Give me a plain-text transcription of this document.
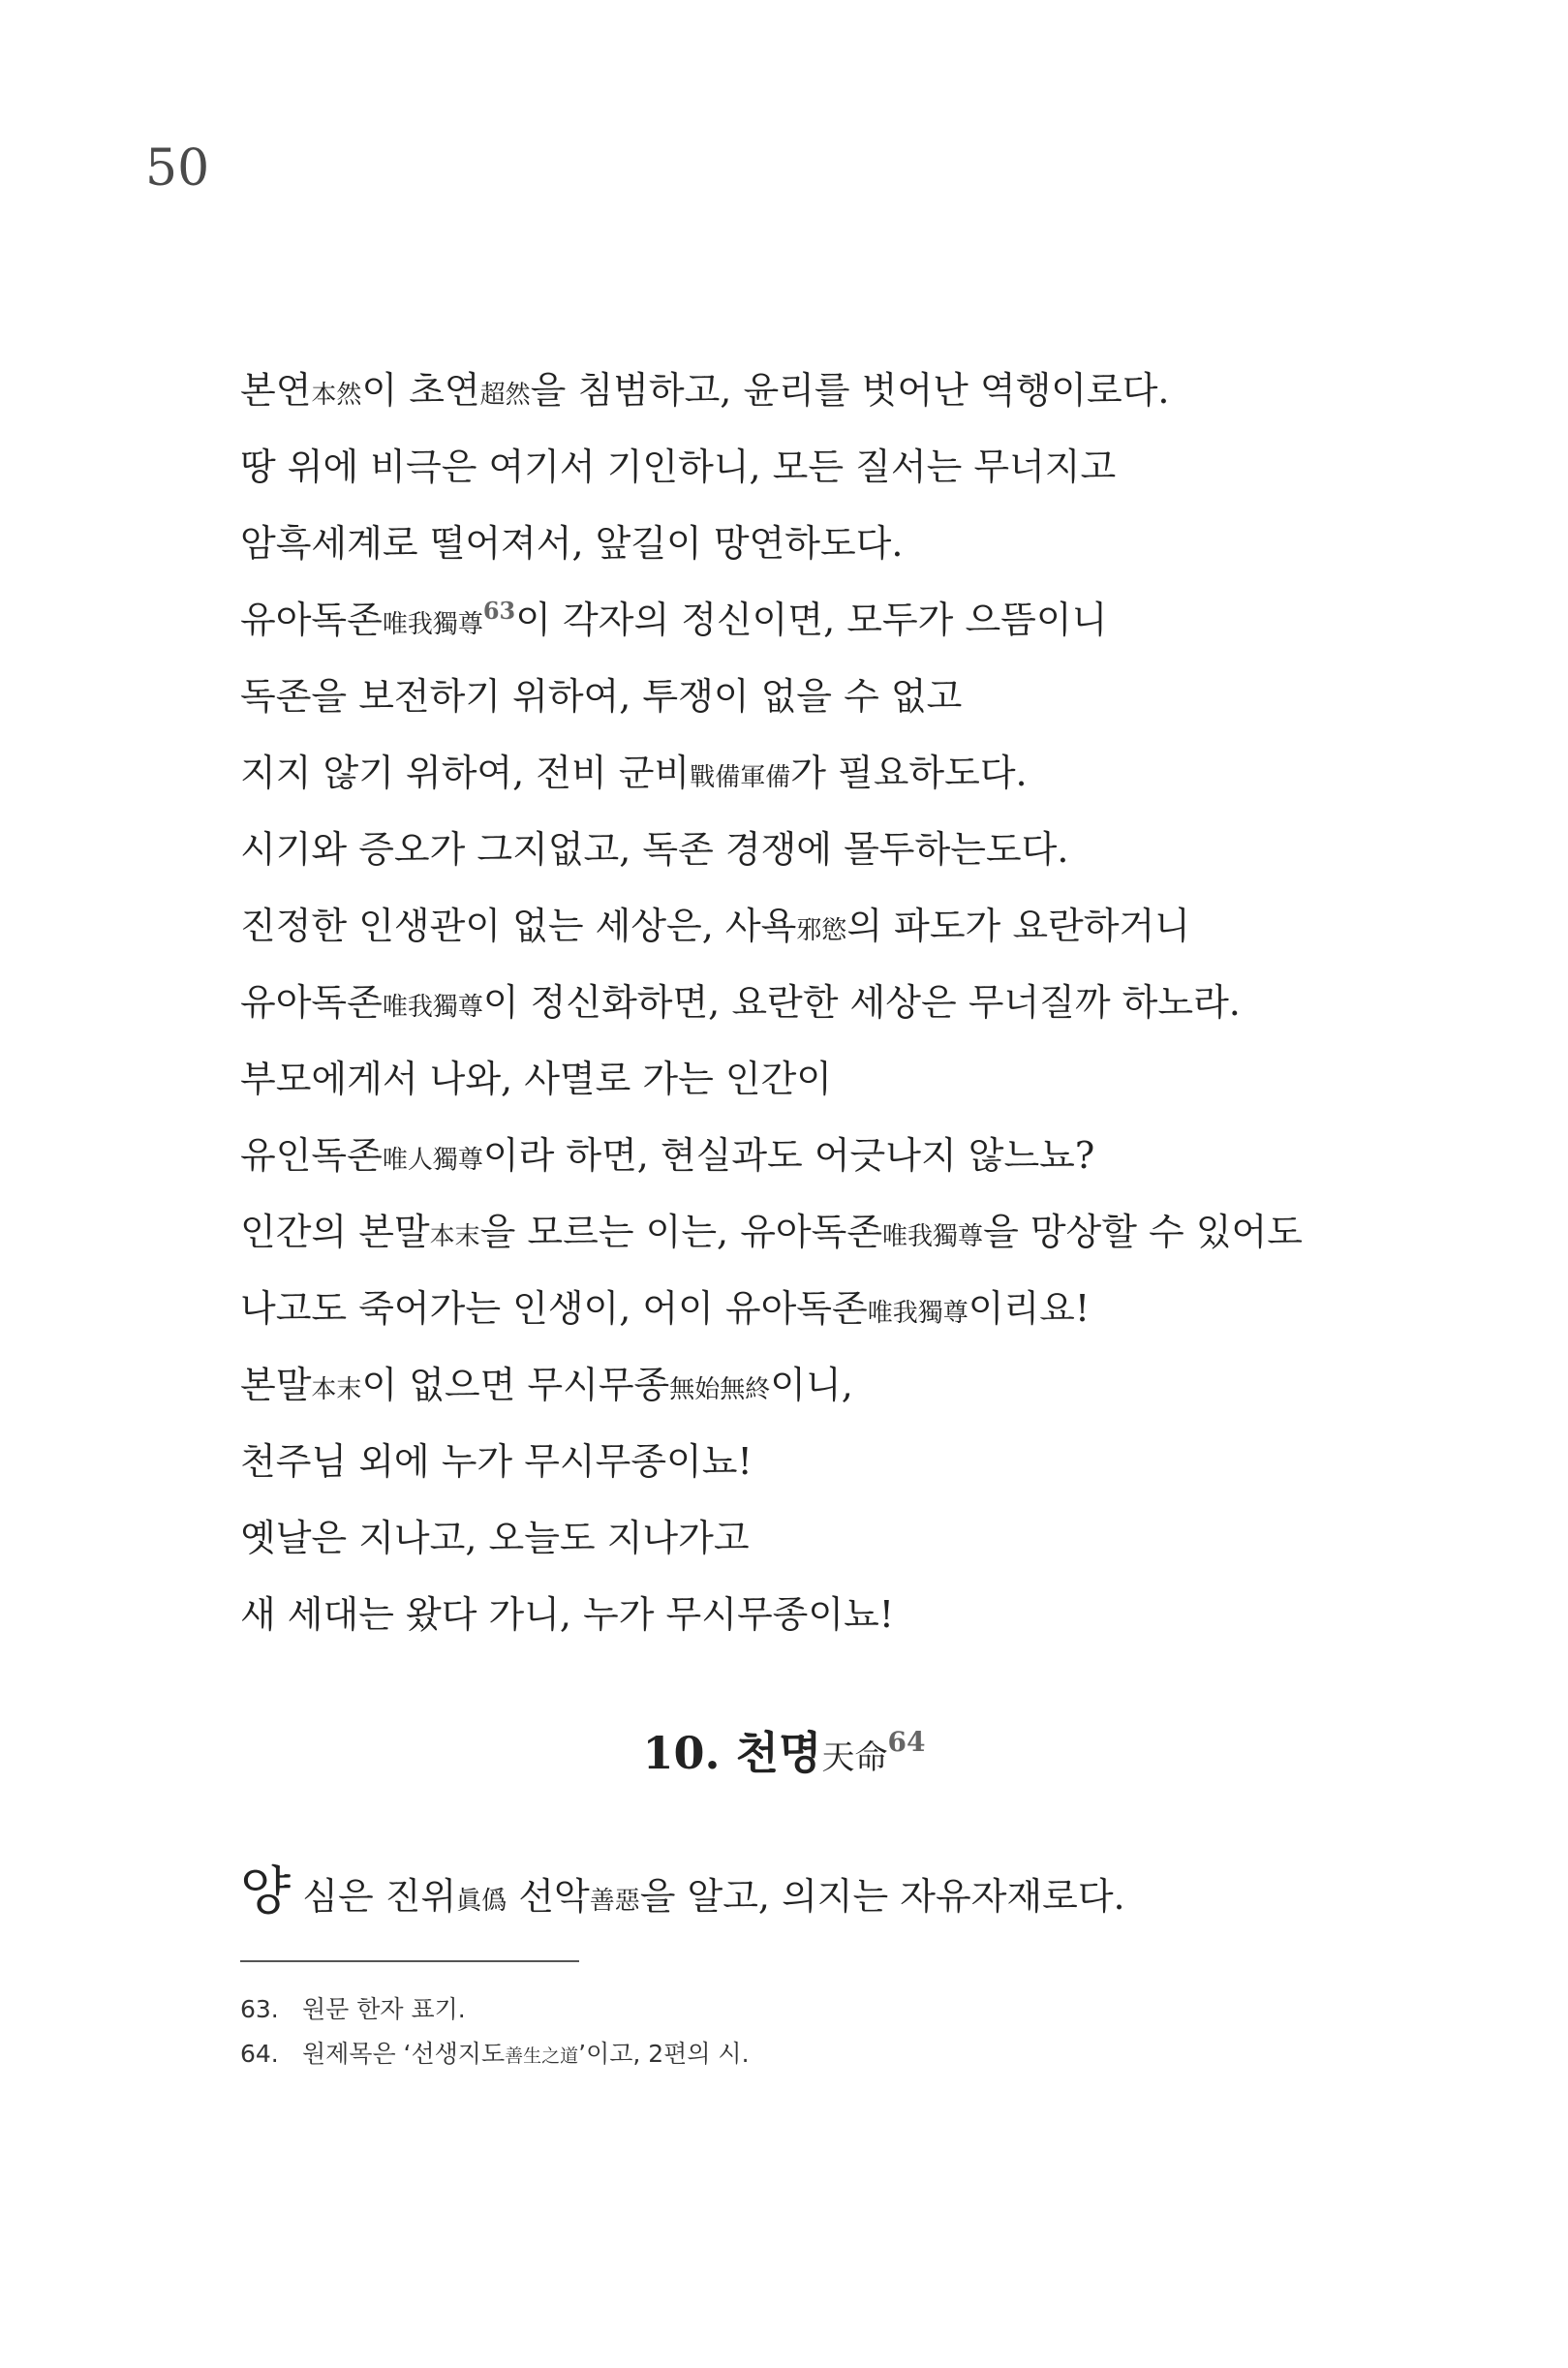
50
본연本然이 초연超然을 침범하고, 윤리를 벗어난 역행이로다.
땅 위에 비극은 여기서 기인하니, 모든 질서는 무너지고
암흑세계로 떨어져서, 앞길이 망연하도다.
유아독존唯我獨尊$^{63}$이 각자의 정신이면, 모두가 으뜸이니
독존을 보전하기 위하여, 투쟁이 없을 수 없고
지지 않기 위하여, 전비 군비戰備軍備가 필요하도다.
시기와 증오가 그지없고, 독존 경쟁에 몰두하는도다.
진정한 인생관이 없는 세상은, 사욕邪慾의 파도가 요란하거니
유아독존唯我獨尊이 정신화하면, 요란한 세상은 무너질까 하노라.
부모에게서 나와, 사멸로 가는 인간이
유인독존唯人獨尊이라 하면, 현실과도 어긋나지 않느뇨?
인간의 본말本末을 모르는 이는, 유아독존唯我獨尊을 망상할 수 있어도
나고도 죽어가는 인생이, 어이 유아독존唯我獨尊이리요!
본말本末이 없으면 무시무종無始無終이니,
천주님 외에 누가 무시무종이뇨!
옛날은 지나고, 오늘도 지나가고
새 세대는 왔다 가니, 누가 무시무종이뇨!
10. 천명天命$^{64}$
양 심은 진위眞僞 선악善惡을 알고, 의지는 자유자재로다.
63. 원문 한자 표기.
64. 원제목은 ‘선생지도善生之道’이고, 2편의 시.
